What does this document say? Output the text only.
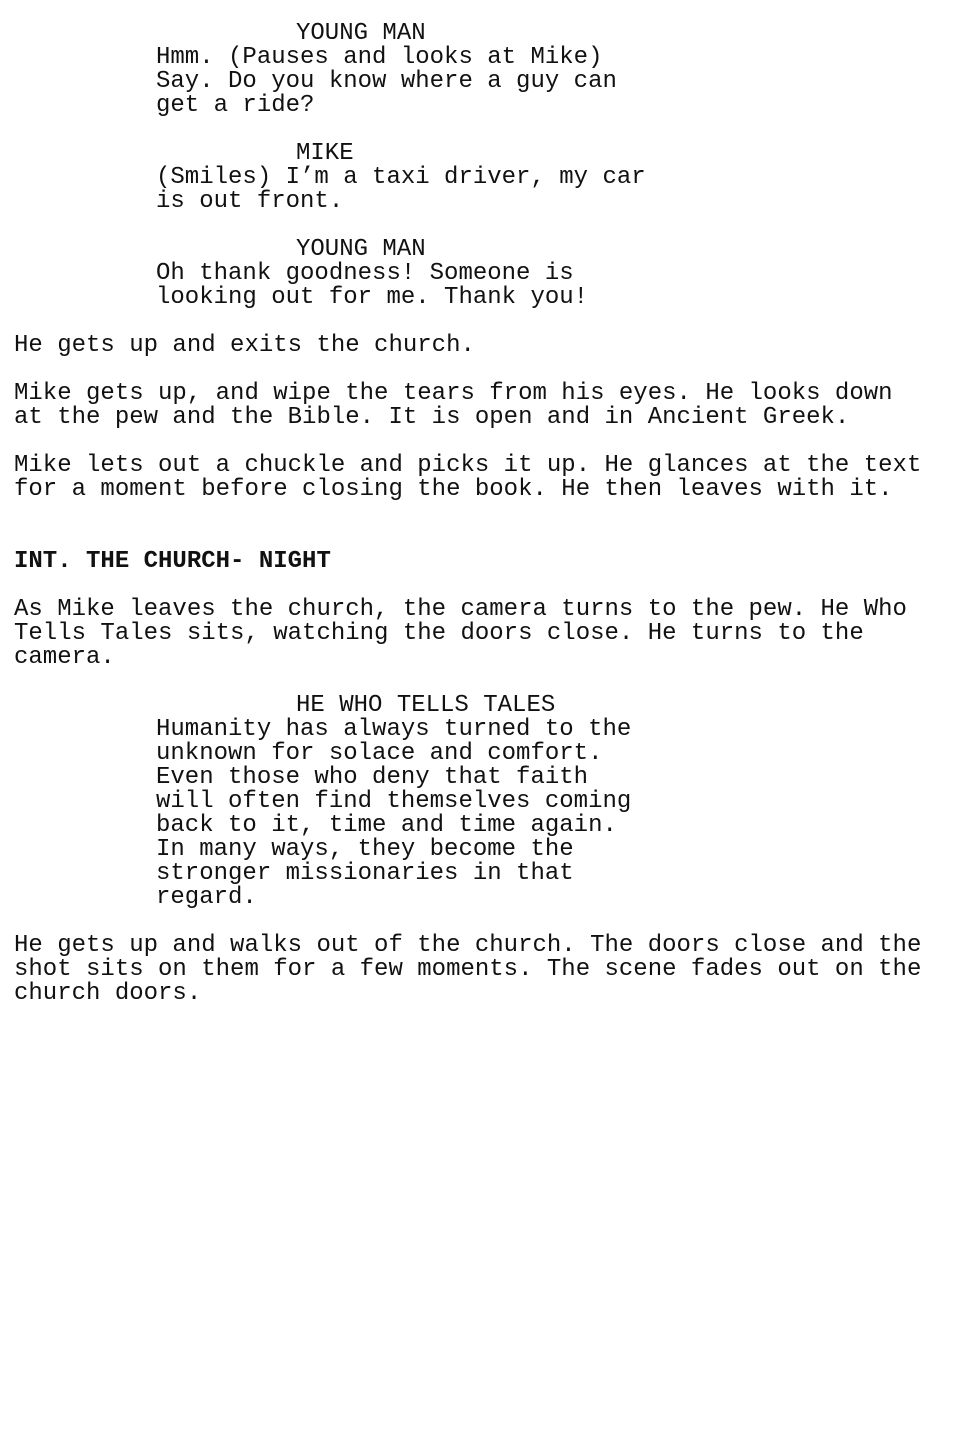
YOUNG MAN
Hmm. (Pauses and looks at Mike)
Say. Do you know where a guy can
get a ride?
MIKE
(Smiles) I’m a taxi driver, my car
is out front.
YOUNG MAN
Oh thank goodness! Someone is
looking out for me. Thank you!
He gets up and exits the church.
Mike gets up, and wipe the tears from his eyes. He looks down
at the pew and the Bible. It is open and in Ancient Greek.
Mike lets out a chuckle and picks it up. He glances at the text
for a moment before closing the book. He then leaves with it.
INT. THE CHURCH- NIGHT
As Mike leaves the church, the camera turns to the pew. He Who
Tells Tales sits, watching the doors close. He turns to the
camera.
HE WHO TELLS TALES
Humanity has always turned to the
unknown for solace and comfort.
Even those who deny that faith
will often find themselves coming
back to it, time and time again.
In many ways, they become the
stronger missionaries in that
regard.
He gets up and walks out of the church. The doors close and the
shot sits on them for a few moments. The scene fades out on the
church doors.
